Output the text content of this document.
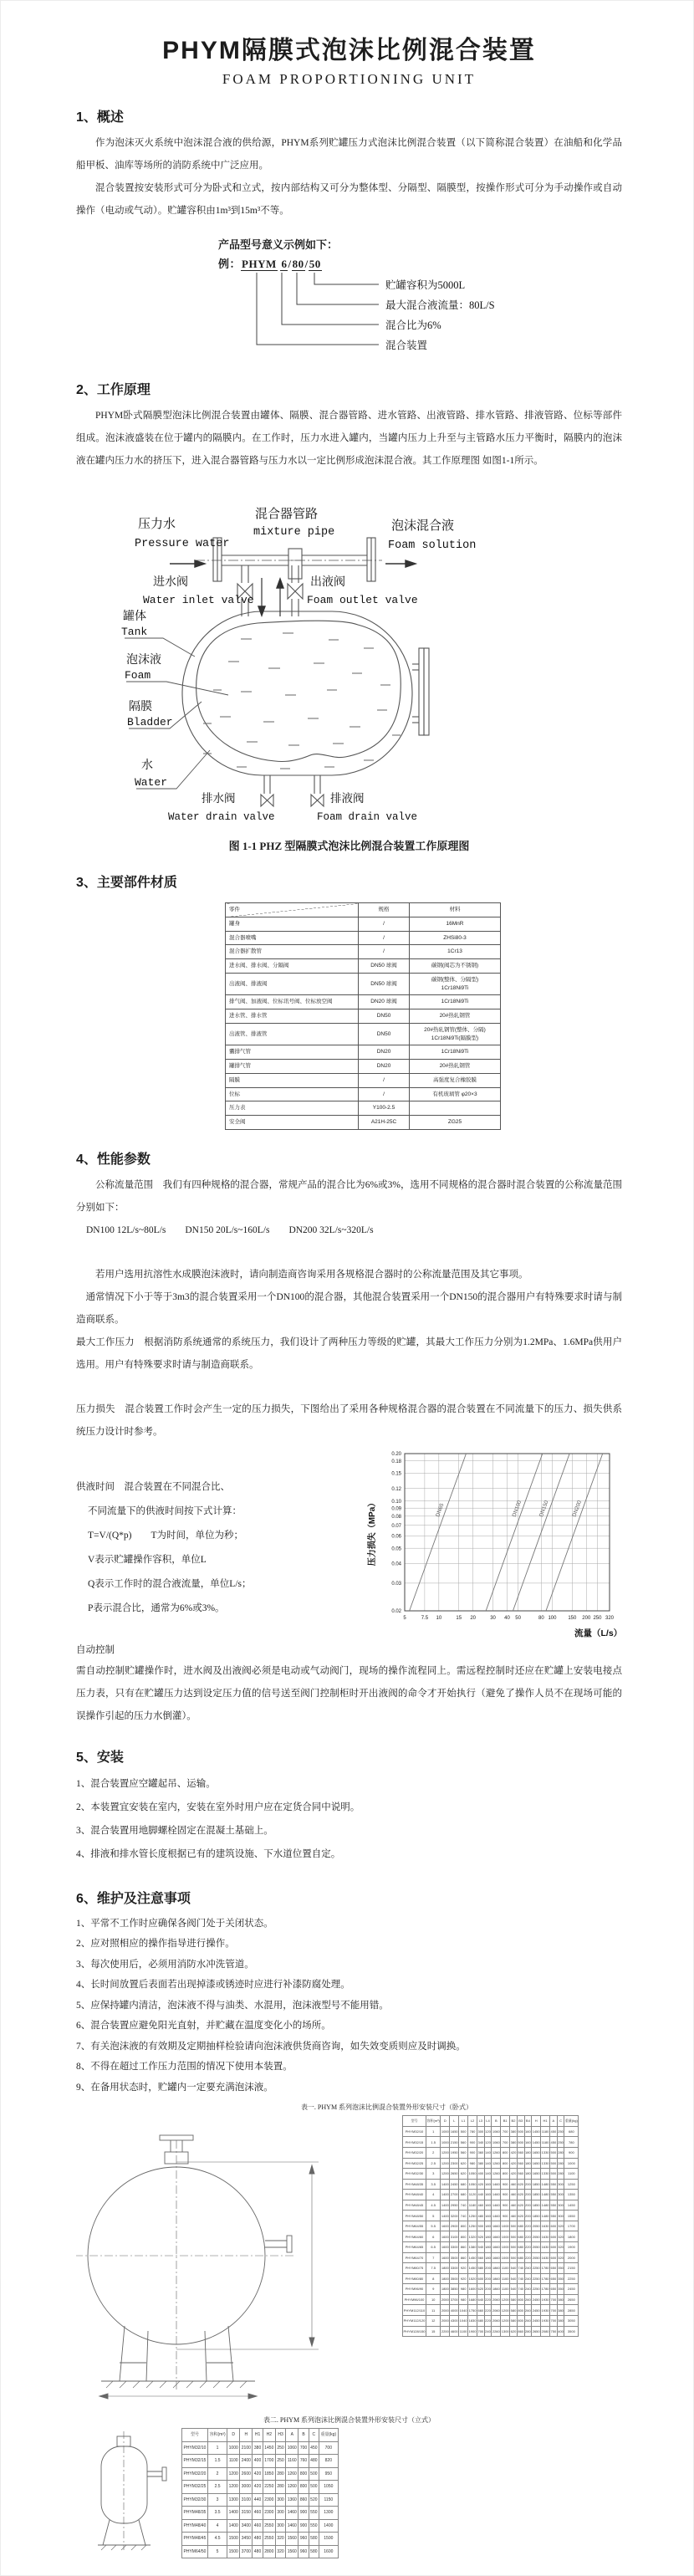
PHYM隔膜式泡沫比例混合装置
FOAM PROPORTIONING UNIT
1、概述

作为泡沫灭火系统中泡沫混合液的供给源，PHYM系列贮罐压力式泡沫比例混合装置（以下简称混合装置）在油船和化学品船甲板、油库等场所的消防系统中广泛应用。

混合装置按安装形式可分为卧式和立式，按内部结构又可分为整体型、分隔型、隔膜型，按操作形式可分为手动操作或自动操作（电动或气动）。贮罐容积由1m³到15m³不等。

产品型号意义示例如下：
例：PHYM 6/80/50
贮罐容积为5000L
最大混合液流量：80L/S
混合比为6%
混合装置
2、工作原理

PHYM卧式隔膜型泡沫比例混合装置由罐体、隔膜、混合器管路、进水管路、出液管路、排水管路、排液管路、位标等部件组成。泡沫液盛装在位于罐内的隔膜内。在工作时，压力水进入罐内，当罐内压力上升至与主管路水压力平衡时，隔膜内的泡沫液在罐内压力水的挤压下，进入混合器管路与压力水以一定比例形成泡沫混合液。其工作原理图 如图1-1所示。

压力水
Pressure water
混合器管路
mixture pipe	泡沫混合液
Foam solution
进水阀
Water inlet valve
出液阀
Foam outlet valve
罐体
Tank
泡沫液
Foam
隔膜
Bladder
水
Water
排水阀
Water drain valve
排液阀
Foam drain valve
图 1-1 PHZ 型隔膜式泡沫比例混合装置工作原理图
3、主要部件材质
零件	规格	材料
罐身	/	16MnR
混合器喷嘴	/	ZHSi80-3
混合器扩散管	/	1Cr13
进水阀、排水阀、分隔阀	DN50 球阀	碳钢(阀芯为不锈钢)
出液阀、排液阀	DN50 球阀	碳钢(整体、分隔型)
1Cr18Ni9Ti
排气阀、加液阀、位标讯号阀、位标放空阀	DN20 球阀	1Cr18Ni9Ti
进水管、排水管	DN50	20#热轧钢管
出液管、排液管	DN50	20#热轧钢管(整体、分隔)
1Cr18Ni9Ti(隔膜型)
囊排气管	DN20	1Cr18Ni9Ti
罐排气管	DN20	20#热轧钢管
隔膜	/	高强度复合橡胶膜
位标	/	有机玻璃管 φ20×3
压力表	Y100-2.5	
安全阀	A21H-25C	ZG25
4、性能参数

公称流量范围　我们有四种规格的混合器，常规产品的混合比为6%或3%，选用不同规格的混合器时混合装置的公称流量范围分别如下：

DN100 12L/s~80L/s　　DN150 20L/s~160L/s　　DN200 32L/s~320L/s

若用户选用抗溶性水成膜泡沫液时，请向制造商咨询采用各规格混合器时的公称流量范围及其它事项。

通常情况下小于等于3m3的混合装置采用一个DN100的混合器，其他混合装置采用一个DN150的混合器用户有特殊要求时请与制造商联系。

最大工作压力　根据消防系统通常的系统压力，我们设计了两种压力等级的贮罐，其最大工作压力分别为1.2MPa、1.6MPa供用户选用。用户有特殊要求时请与制造商联系。

压力损失　混合装置工作时会产生一定的压力损失，下图给出了采用各种规格混合器的混合装置在不同流量下的压力、损失供系统压力设计时参考。

供液时间　混合装置在不同混合比、
不同流量下的供液时间按下式计算：
T=V/(Q*p)　　T为时间，单位为秒；
V表示贮罐操作容积，单位L
Q表示工作时的混合液流量，单位L/s；
P表示混合比，通常为6%或3%。
自动控制
0.02
0.03
0.04
0.05
0.06
0.07
0.08
0.09
0.10
0.12
0.15
0.18
0.20
5	7.5 10	15 20	30 40 50	80 100 150 200 250 320
DN65	DN100	DN150	DN200
压力损失（MPa）
流量（L/s）

需自动控制贮罐操作时，进水阀及出液阀必须是电动或气动阀门，现场的操作流程同上。需远程控制时还应在贮罐上安装电接点压力表，只有在贮罐压力达到设定压力值的信号送至阀门控制柜时开出液阀的命令才开始执行（避免了操作人员不在现场可能的误操作引起的压力水倒灌）。

5、安装
1、混合装置应空罐起吊、运输。
2、本装置宜安装在室内，安装在室外时用户应在定货合同中说明。
3、混合装置用地脚螺栓固定在混凝土基础上。
4、排液和排水管长度根据已有的建筑设施、下水道位置自定。
6、维护及注意事项
1、平常不工作时应确保各阀门处于关闭状态。
2、应对照相应的操作指导进行操作。
3、每次使用后，必须用消防水冲洗管道。
4、长时间放置后表面若出现掉漆或锈迹时应进行补漆防腐处理。
5、应保持罐内清洁，泡沫液不得与油类、水混用，泡沫液型号不能用错。
6、混合装置应避免阳光直射，并贮藏在温度变化小的场所。
7、有关泡沫液的有效期及定期抽样检验请向泡沫液供货商咨询，如失效变质则应及时调换。
8、不得在超过工作压力范围的情况下使用本装置。
9、在备用状态时，贮罐内一定要充满泡沫液。
表一. PHYM 系列泡沫比例混合装置外形安装尺寸（卧式）
型号	容积(m³)	D	L	L1	L2	L3	L4	B	B1	B2	B3	B4	H	H1	A	C	重量(kg)
PHYM32/10	1	1000	1650	500	780	300	120	1060	700	380	500	160	1450	1180	450	250	680
PHYM32/15	1.5	1000	2150	560	900	340	120	1060	700	380	500	160	1450	1180	450	250	780
PHYM32/20	2	1200	1950	560	900	360	140	1260	800	420	560	180	1650	1330	500	280	900
PHYM32/25	2.5	1200	2300	620	980	380	140	1260	800	420	560	180	1650	1330	500	280	1000
PHYM32/30	3	1200	2650	620	1050	400	140	1260	800	420	560	180	1650	1330	500	280	1100
PHYM48/35	3.5	1400	2450	680	1050	420	160	1460	900	460	620	200	1850	1480	550	300	1250
PHYM48/40	4	1400	2700	680	1120	440	160	1460	900	460	620	200	1850	1480	550	300	1350
PHYM48/45	4.5	1400	2950	740	1180	460	160	1460	900	460	620	200	1850	1480	550	300	1450
PHYM48/50	5	1400	3200	740	1250	480	160	1460	900	460	620	200	1850	1480	550	300	1550
PHYM64/55	5.5	1600	2900	800	1250	500	180	1660	1000	500	680	220	2050	1630	600	320	1700
PHYM64/60	6	1600	3100	800	1320	520	180	1660	1000	500	680	220	2050	1630	600	320	1800
PHYM64/65	6.5	1600	3300	860	1380	540	180	1660	1000	500	680	220	2050	1630	600	320	1900
PHYM64/70	7	1600	3500	860	1450	560	180	1660	1000	500	680	220	2050	1630	600	320	2000
PHYM80/75	7.5	1800	3300	920	1450	580	200	1860	1100	540	740	240	2250	1780	650	350	2150
PHYM80/80	8	1800	3500	920	1520	600	200	1860	1100	540	740	240	2250	1780	650	350	2250
PHYM96/90	9	1800	3850	980	1600	620	200	1860	1100	540	740	240	2250	1780	650	350	2450
PHYM96/100	10	2000	3700	980	1680	640	220	2060	1200	580	800	260	2450	1930	700	380	2650
PHYM112/110	11	2000	4000	1040	1750	660	220	2060	1200	580	800	260	2450	1930	700	380	2850
PHYM112/120	12	2000	4300	1040	1830	680	220	2060	1200	580	800	260	2450	1930	700	380	3050
PHYM128/150	15	2200	4600	1100	1900	700	240	2260	1300	620	860	280	2650	2080	750	400	3500
表二. PHYM 系列泡沫比例混合装置外形安装尺寸（立式）
型号	容积(m³)	D	H	H1	H2	H3	A	B	C	重量(kg)
PHYM32/10	1	1000	2100	380	1450	250	1060	700	450	700
PHYM32/15	1.5	1100	2400	400	1700	250	1160	760	480	820
PHYM32/20	2	1200	2600	420	1850	280	1260	800	500	950
PHYM32/25	2.5	1200	3000	420	2250	280	1260	800	500	1050
PHYM32/30	3	1300	3100	440	2300	300	1360	860	520	1150
PHYM48/35	3.5	1400	3150	460	2300	300	1460	900	550	1300
PHYM48/40	4	1400	3400	460	2550	300	1460	900	550	1400
PHYM48/45	4.5	1500	3450	480	2550	320	1560	960	580	1500
PHYM64/50	5	1500	3700	480	2800	320	1560	960	580	1600
